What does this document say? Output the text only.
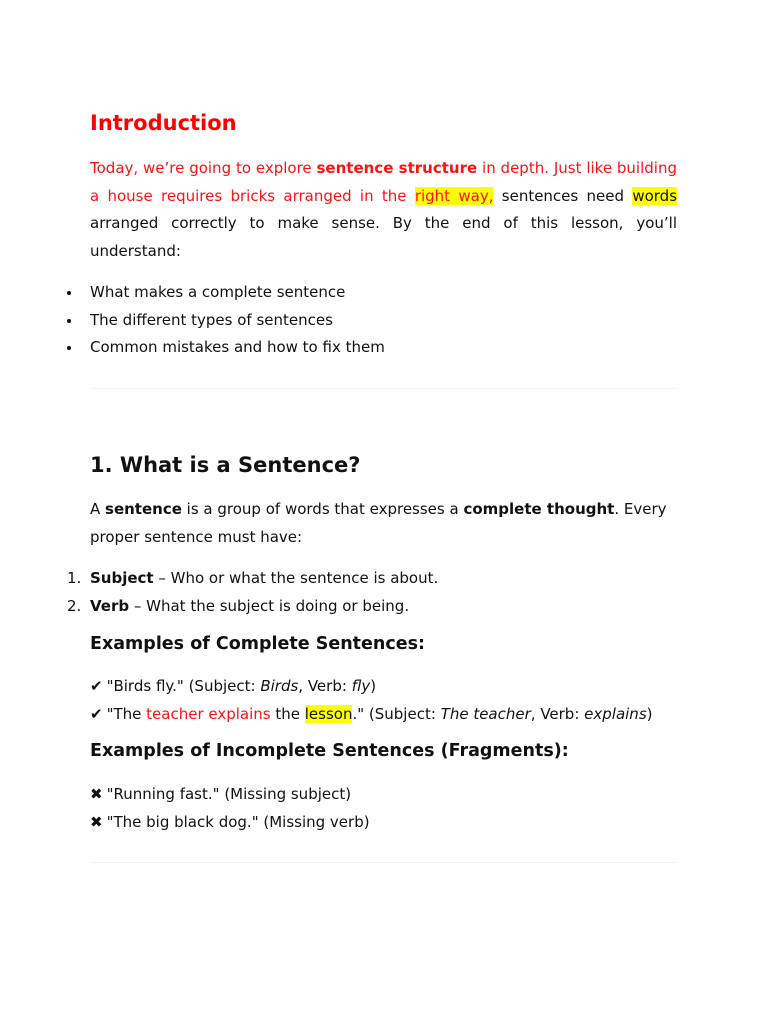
Introduction

Today, we’re going to explore sentence structure in depth. Just like building a house requires bricks arranged in the right way, sentences need words arranged correctly to make sense. By the end of this lesson, you’ll understand:

What makes a complete sentence
The different types of sentences
Common mistakes and how to fix them
1. What is a Sentence?

A sentence is a group of words that expresses a complete thought. Every proper sentence must have:

1. Subject – Who or what the sentence is about.
2. Verb – What the subject is doing or being.
Examples of Complete Sentences:
✔ "Birds fly." (Subject: Birds, Verb: fly)
✔ "The teacher explains the lesson." (Subject: The teacher, Verb: explains)
Examples of Incomplete Sentences (Fragments):
✖ "Running fast." (Missing subject)
✖ "The big black dog." (Missing verb)
